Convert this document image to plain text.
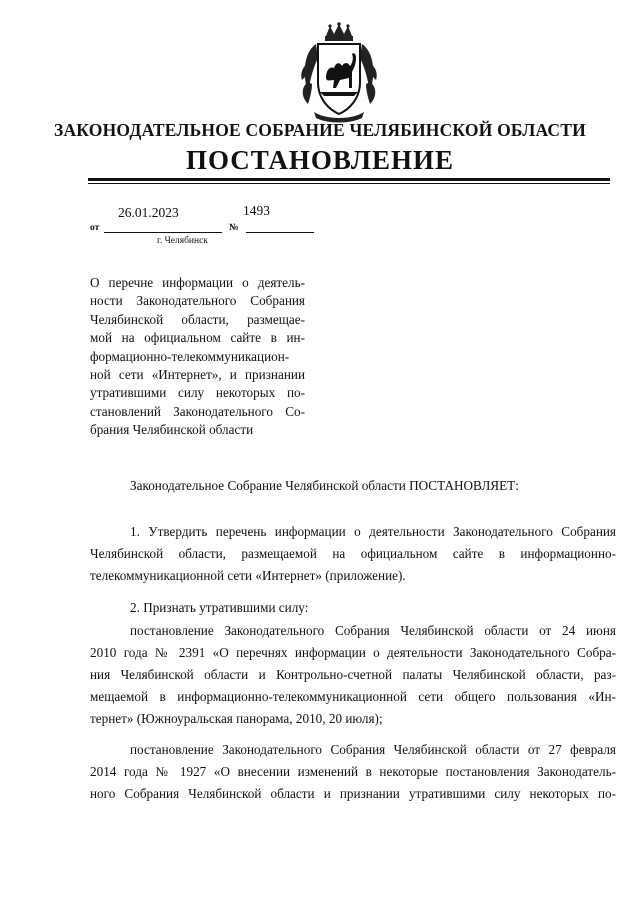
ЗАКОНОДАТЕЛЬНОЕ СОБРАНИЕ ЧЕЛЯБИНСКОЙ ОБЛАСТИ
ПОСТАНОВЛЕНИЕ
26.01.2023	1493
от	№
г. Челябинск
О перечне информации о деятель-
ности Законодательного Собрания
Челябинской области, размещае-
мой на официальном сайте в ин-
формационно-телекоммуникацион-
ной сети «Интернет», и признании
утратившими силу некоторых по-
становлений Законодательного Со-
брания Челябинской области
Законодательное Собрание Челябинской области ПОСТАНОВЛЯЕТ:
1. Утвердить перечень информации о деятельности Законодательного Собрания
Челябинской области, размещаемой на официальном сайте в информационно-
телекоммуникационной сети «Интернет» (приложение).
2. Признать утратившими силу:
постановление Законодательного Собрания Челябинской области от 24 июня
2010 года № 2391 «О перечнях информации о деятельности Законодательного Собра-
ния Челябинской области и Контрольно-счетной палаты Челябинской области, раз-
мещаемой в информационно-телекоммуникационной сети общего пользования «Ин-
тернет» (Южноуральская панорама, 2010, 20 июля);
постановление Законодательного Собрания Челябинской области от 27 февраля
2014 года № 1927 «О внесении изменений в некоторые постановления Законодатель-
ного Собрания Челябинской области и признании утратившими силу некоторых по-
